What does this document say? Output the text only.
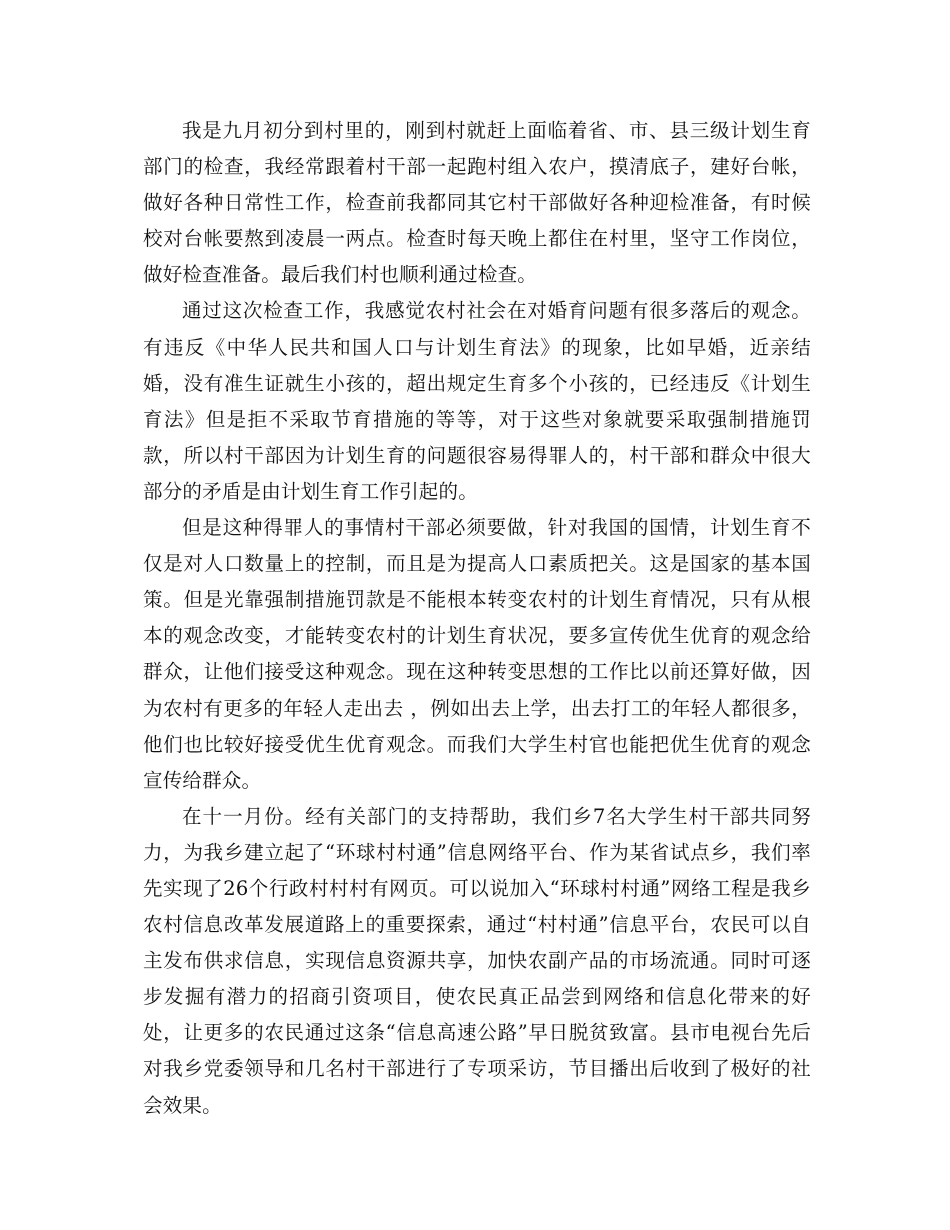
我是九月初分到村里的，刚到村就赶上面临着省、市、县三级计划生育部门的检查，我经常跟着村干部一起跑村组入农户，摸清底子，建好台帐，做好各种日常性工作，检查前我都同其它村干部做好各种迎检准备，有时候校对台帐要熬到凌晨一两点。检查时每天晚上都住在村里，坚守工作岗位，做好检查准备。最后我们村也顺利通过检查。

通过这次检查工作，我感觉农村社会在对婚育问题有很多落后的观念。有违反《中华人民共和国人口与计划生育法》的现象，比如早婚，近亲结婚，没有准生证就生小孩的，超出规定生育多个小孩的，已经违反《计划生育法》但是拒不采取节育措施的等等，对于这些对象就要采取强制措施罚款，所以村干部因为计划生育的问题很容易得罪人的，村干部和群众中很大部分的矛盾是由计划生育工作引起的。

但是这种得罪人的事情村干部必须要做，针对我国的国情，计划生育不仅是对人口数量上的控制，而且是为提高人口素质把关。这是国家的基本国策。但是光靠强制措施罚款是不能根本转变农村的计划生育情况，只有从根本的观念改变，才能转变农村的计划生育状况，要多宣传优生优育的观念给群众，让他们接受这种观念。现在这种转变思想的工作比以前还算好做，因为农村有更多的年轻人走出去 ，例如出去上学，出去打工的年轻人都很多，他们也比较好接受优生优育观念。而我们大学生村官也能把优生优育的观念宣传给群众。

在十一月份。经有关部门的支持帮助，我们乡7名大学生村干部共同努力，为我乡建立起了“环球村村通”信息网络平台、作为某省试点乡，我们率先实现了26个行政村村村有网页。可以说加入“环球村村通”网络工程是我乡农村信息改革发展道路上的重要探索，通过“村村通”信息平台，农民可以自主发布供求信息，实现信息资源共享，加快农副产品的市场流通。同时可逐步发掘有潜力的招商引资项目，使农民真正品尝到网络和信息化带来的好处，让更多的农民通过这条“信息高速公路”早日脱贫致富。县市电视台先后对我乡党委领导和几名村干部进行了专项采访，节目播出后收到了极好的社会效果。
